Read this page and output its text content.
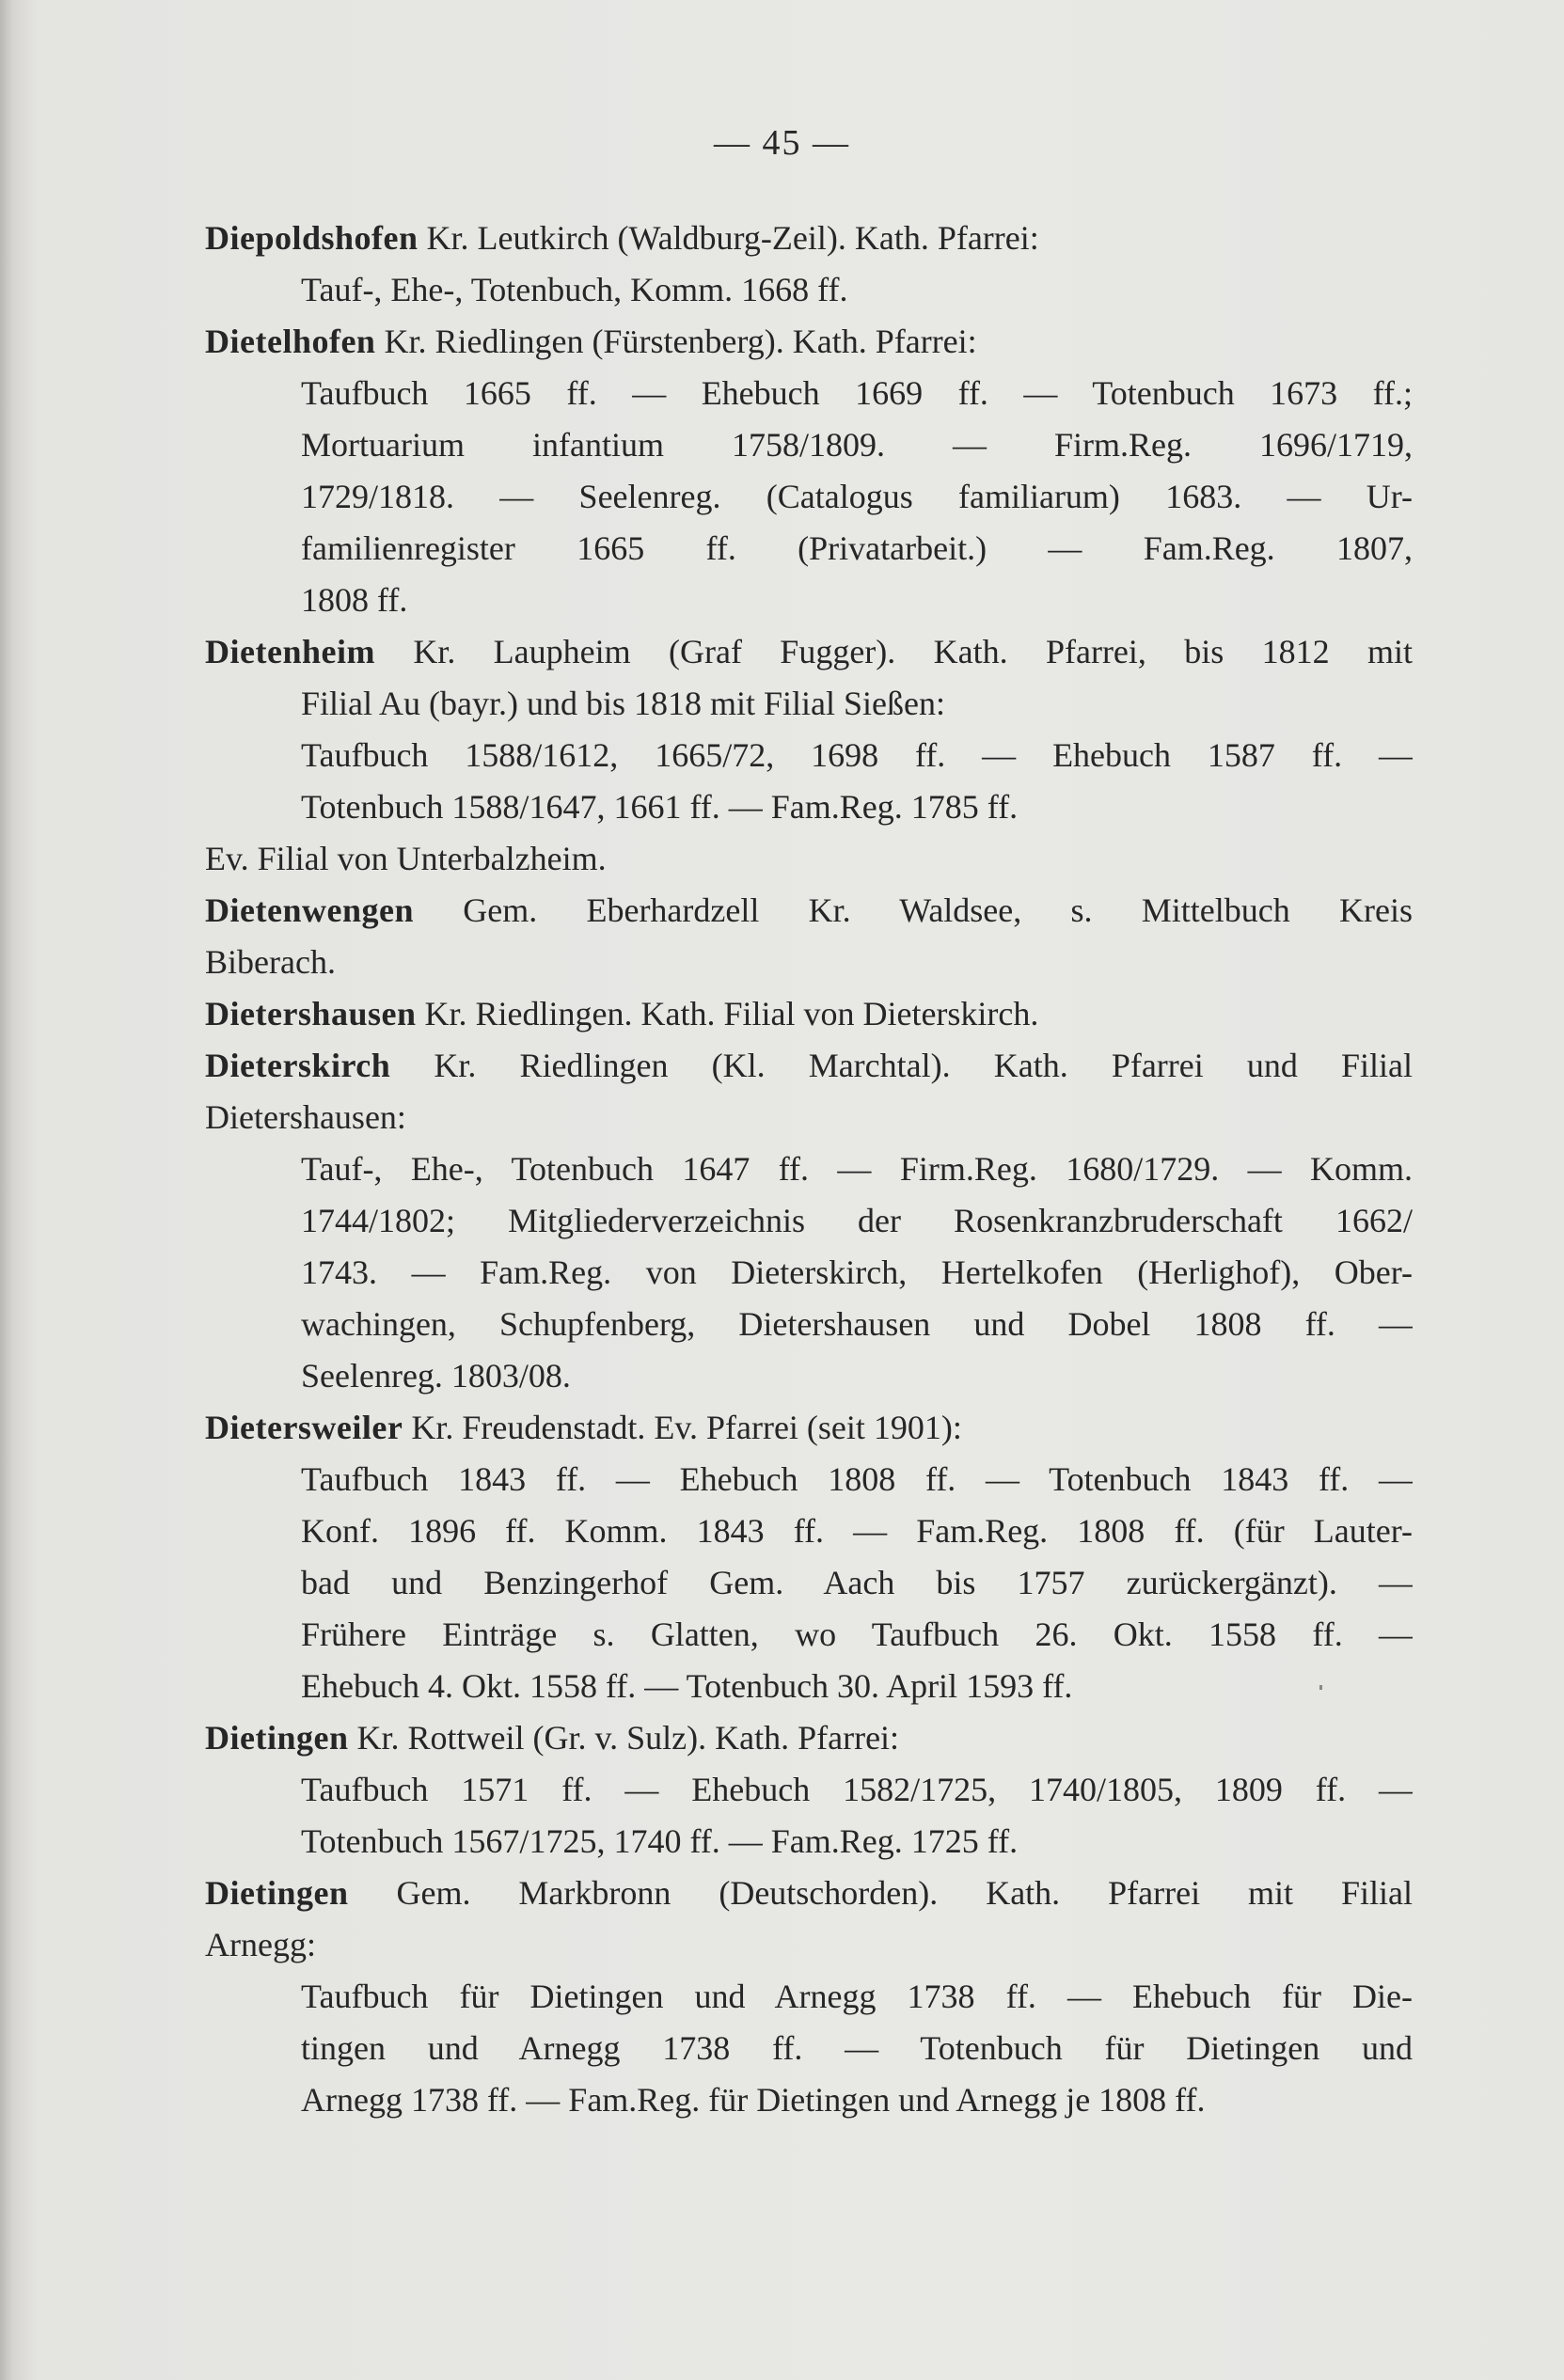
— 45 —
Diepoldshofen Kr. Leutkirch (Waldburg-Zeil). Kath. Pfarrei:
Tauf-, Ehe-, Totenbuch, Komm. 1668 ff.
Dietelhofen Kr. Riedlingen (Fürstenberg). Kath. Pfarrei:
Taufbuch 1665 ff. — Ehebuch 1669 ff. — Totenbuch 1673 ff.;
Mortuarium infantium 1758/1809. — Firm.Reg. 1696/1719,
1729/1818. — Seelenreg. (Catalogus familiarum) 1683. — Ur-
familienregister 1665 ff. (Privatarbeit.) — Fam.Reg. 1807,
1808 ff.
Dietenheim Kr. Laupheim (Graf Fugger). Kath. Pfarrei, bis 1812 mit
Filial Au (bayr.) und bis 1818 mit Filial Sießen:
Taufbuch 1588/1612, 1665/72, 1698 ff. — Ehebuch 1587 ff. —
Totenbuch 1588/1647, 1661 ff. — Fam.Reg. 1785 ff.
Ev. Filial von Unterbalzheim.
Dietenwengen Gem. Eberhardzell Kr. Waldsee, s. Mittelbuch Kreis
Biberach.
Dietershausen Kr. Riedlingen. Kath. Filial von Dieterskirch.
Dieterskirch Kr. Riedlingen (Kl. Marchtal). Kath. Pfarrei und Filial
Dietershausen:
Tauf-, Ehe-, Totenbuch 1647 ff. — Firm.Reg. 1680/1729. — Komm.
1744/1802; Mitgliederverzeichnis der Rosenkranzbruderschaft 1662/
1743. — Fam.Reg. von Dieterskirch, Hertelkofen (Herlighof), Ober-
wachingen, Schupfenberg, Dietershausen und Dobel 1808 ff. —
Seelenreg. 1803/08.
Dietersweiler Kr. Freudenstadt. Ev. Pfarrei (seit 1901):
Taufbuch 1843 ff. — Ehebuch 1808 ff. — Totenbuch 1843 ff. —
Konf. 1896 ff. Komm. 1843 ff. — Fam.Reg. 1808 ff. (für Lauter-
bad und Benzingerhof Gem. Aach bis 1757 zurückergänzt). —
Frühere Einträge s. Glatten, wo Taufbuch 26. Okt. 1558 ff. —
Ehebuch 4. Okt. 1558 ff. — Totenbuch 30. April 1593 ff.
Dietingen Kr. Rottweil (Gr. v. Sulz). Kath. Pfarrei:
Taufbuch 1571 ff. — Ehebuch 1582/1725, 1740/1805, 1809 ff. —
Totenbuch 1567/1725, 1740 ff. — Fam.Reg. 1725 ff.
Dietingen Gem. Markbronn (Deutschorden). Kath. Pfarrei mit Filial
Arnegg:
Taufbuch für Dietingen und Arnegg 1738 ff. — Ehebuch für Die-
tingen und Arnegg 1738 ff. — Totenbuch für Dietingen und
Arnegg 1738 ff. — Fam.Reg. für Dietingen und Arnegg je 1808 ff.
